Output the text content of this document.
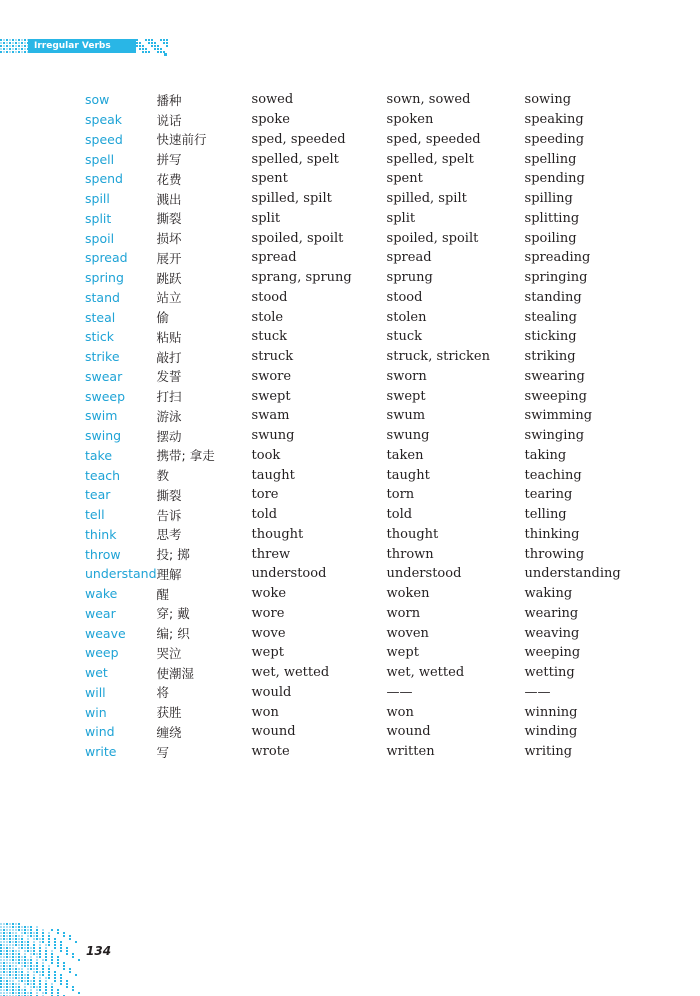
Irregular Verbs
sow	播种	sowed	sown, sowed	sowing
speak	说话	spoke	spoken	speaking
speed	快速前行	sped, speeded	sped, speeded	speeding
spell	拼写	spelled, spelt	spelled, spelt	spelling
spend	花费	spent	spent	spending
spill	溅出	spilled, spilt	spilled, spilt	spilling
split	撕裂	split	split	splitting
spoil	损坏	spoiled, spoilt	spoiled, spoilt	spoiling
spread	展开	spread	spread	spreading
spring	跳跃	sprang, sprung	sprung	springing
stand	站立	stood	stood	standing
steal	偷	stole	stolen	stealing
stick	粘贴	stuck	stuck	sticking
strike	敲打	struck	struck, stricken	striking
swear	发誓	swore	sworn	swearing
sweep	打扫	swept	swept	sweeping
swim	游泳	swam	swum	swimming
swing	摆动	swung	swung	swinging
take	携带; 拿走	took	taken	taking
teach	教	taught	taught	teaching
tear	撕裂	tore	torn	tearing
tell	告诉	told	told	telling
think	思考	thought	thought	thinking
throw	投; 掷	threw	thrown	throwing
understand	理解	understood	understood	understanding
wake	醒	woke	woken	waking
wear	穿; 戴	wore	worn	wearing
weave	编; 织	wove	woven	weaving
weep	哭泣	wept	wept	weeping
wet	使潮湿	wet, wetted	wet, wetted	wetting
will	将	would	——	——
win	获胜	won	won	winning
wind	缠绕	wound	wound	winding
write	写	wrote	written	writing
134
